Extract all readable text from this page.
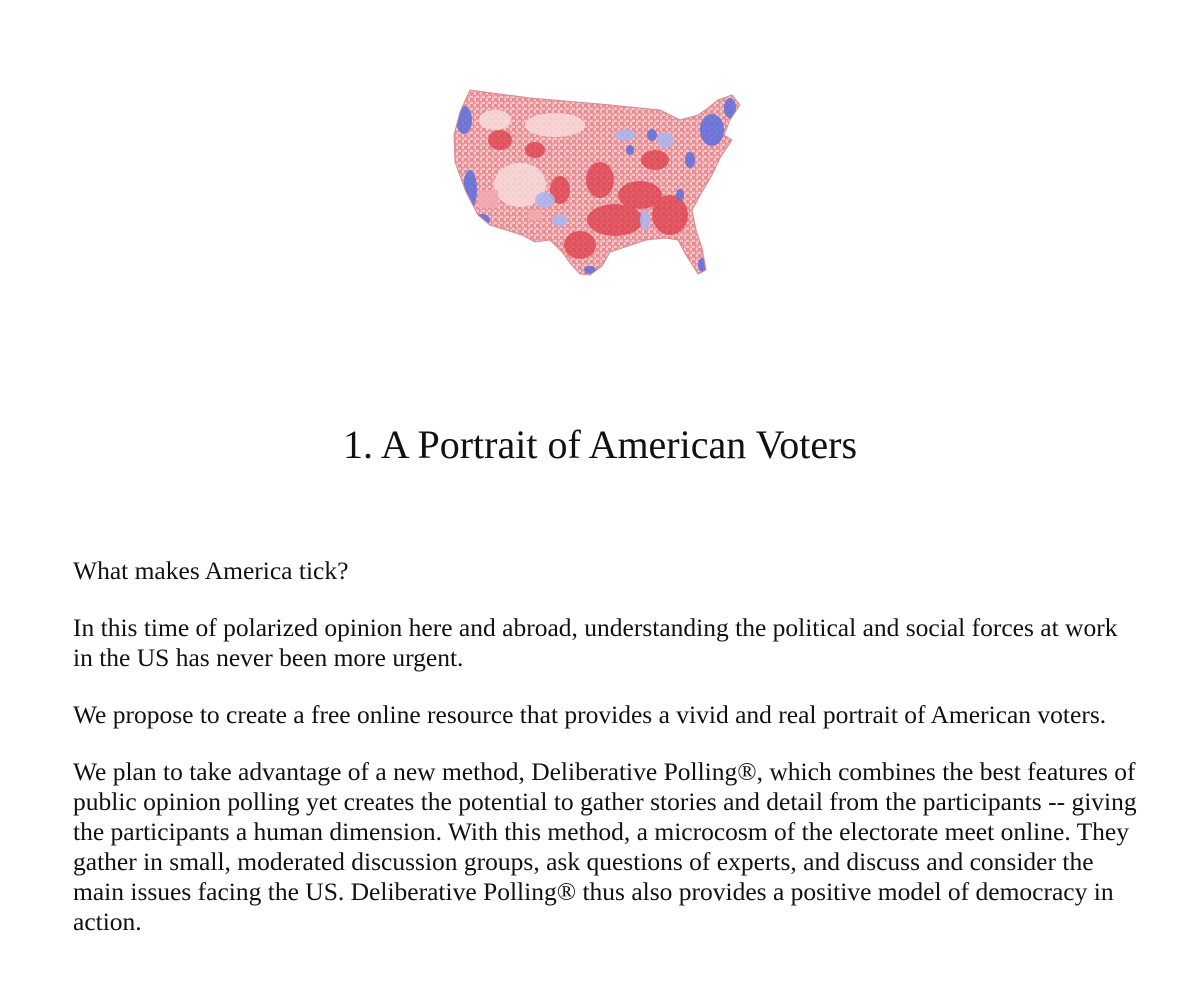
1. A Portrait of American Voters

What makes America tick?

In this time of polarized opinion here and abroad, understanding the political and social forces at work in the US has never been more urgent.

We propose to create a free online resource that provides a vivid and real portrait of American voters.

We plan to take advantage of a new method, Deliberative Polling®, which combines the best features of public opinion polling yet creates the potential to gather stories and detail from the participants -- giving the participants a human dimension. With this method, a microcosm of the electorate meet online. They gather in small, moderated discussion groups, ask questions of experts, and discuss and consider the main issues facing the US. Deliberative Polling® thus also provides a positive model of democracy in action.
